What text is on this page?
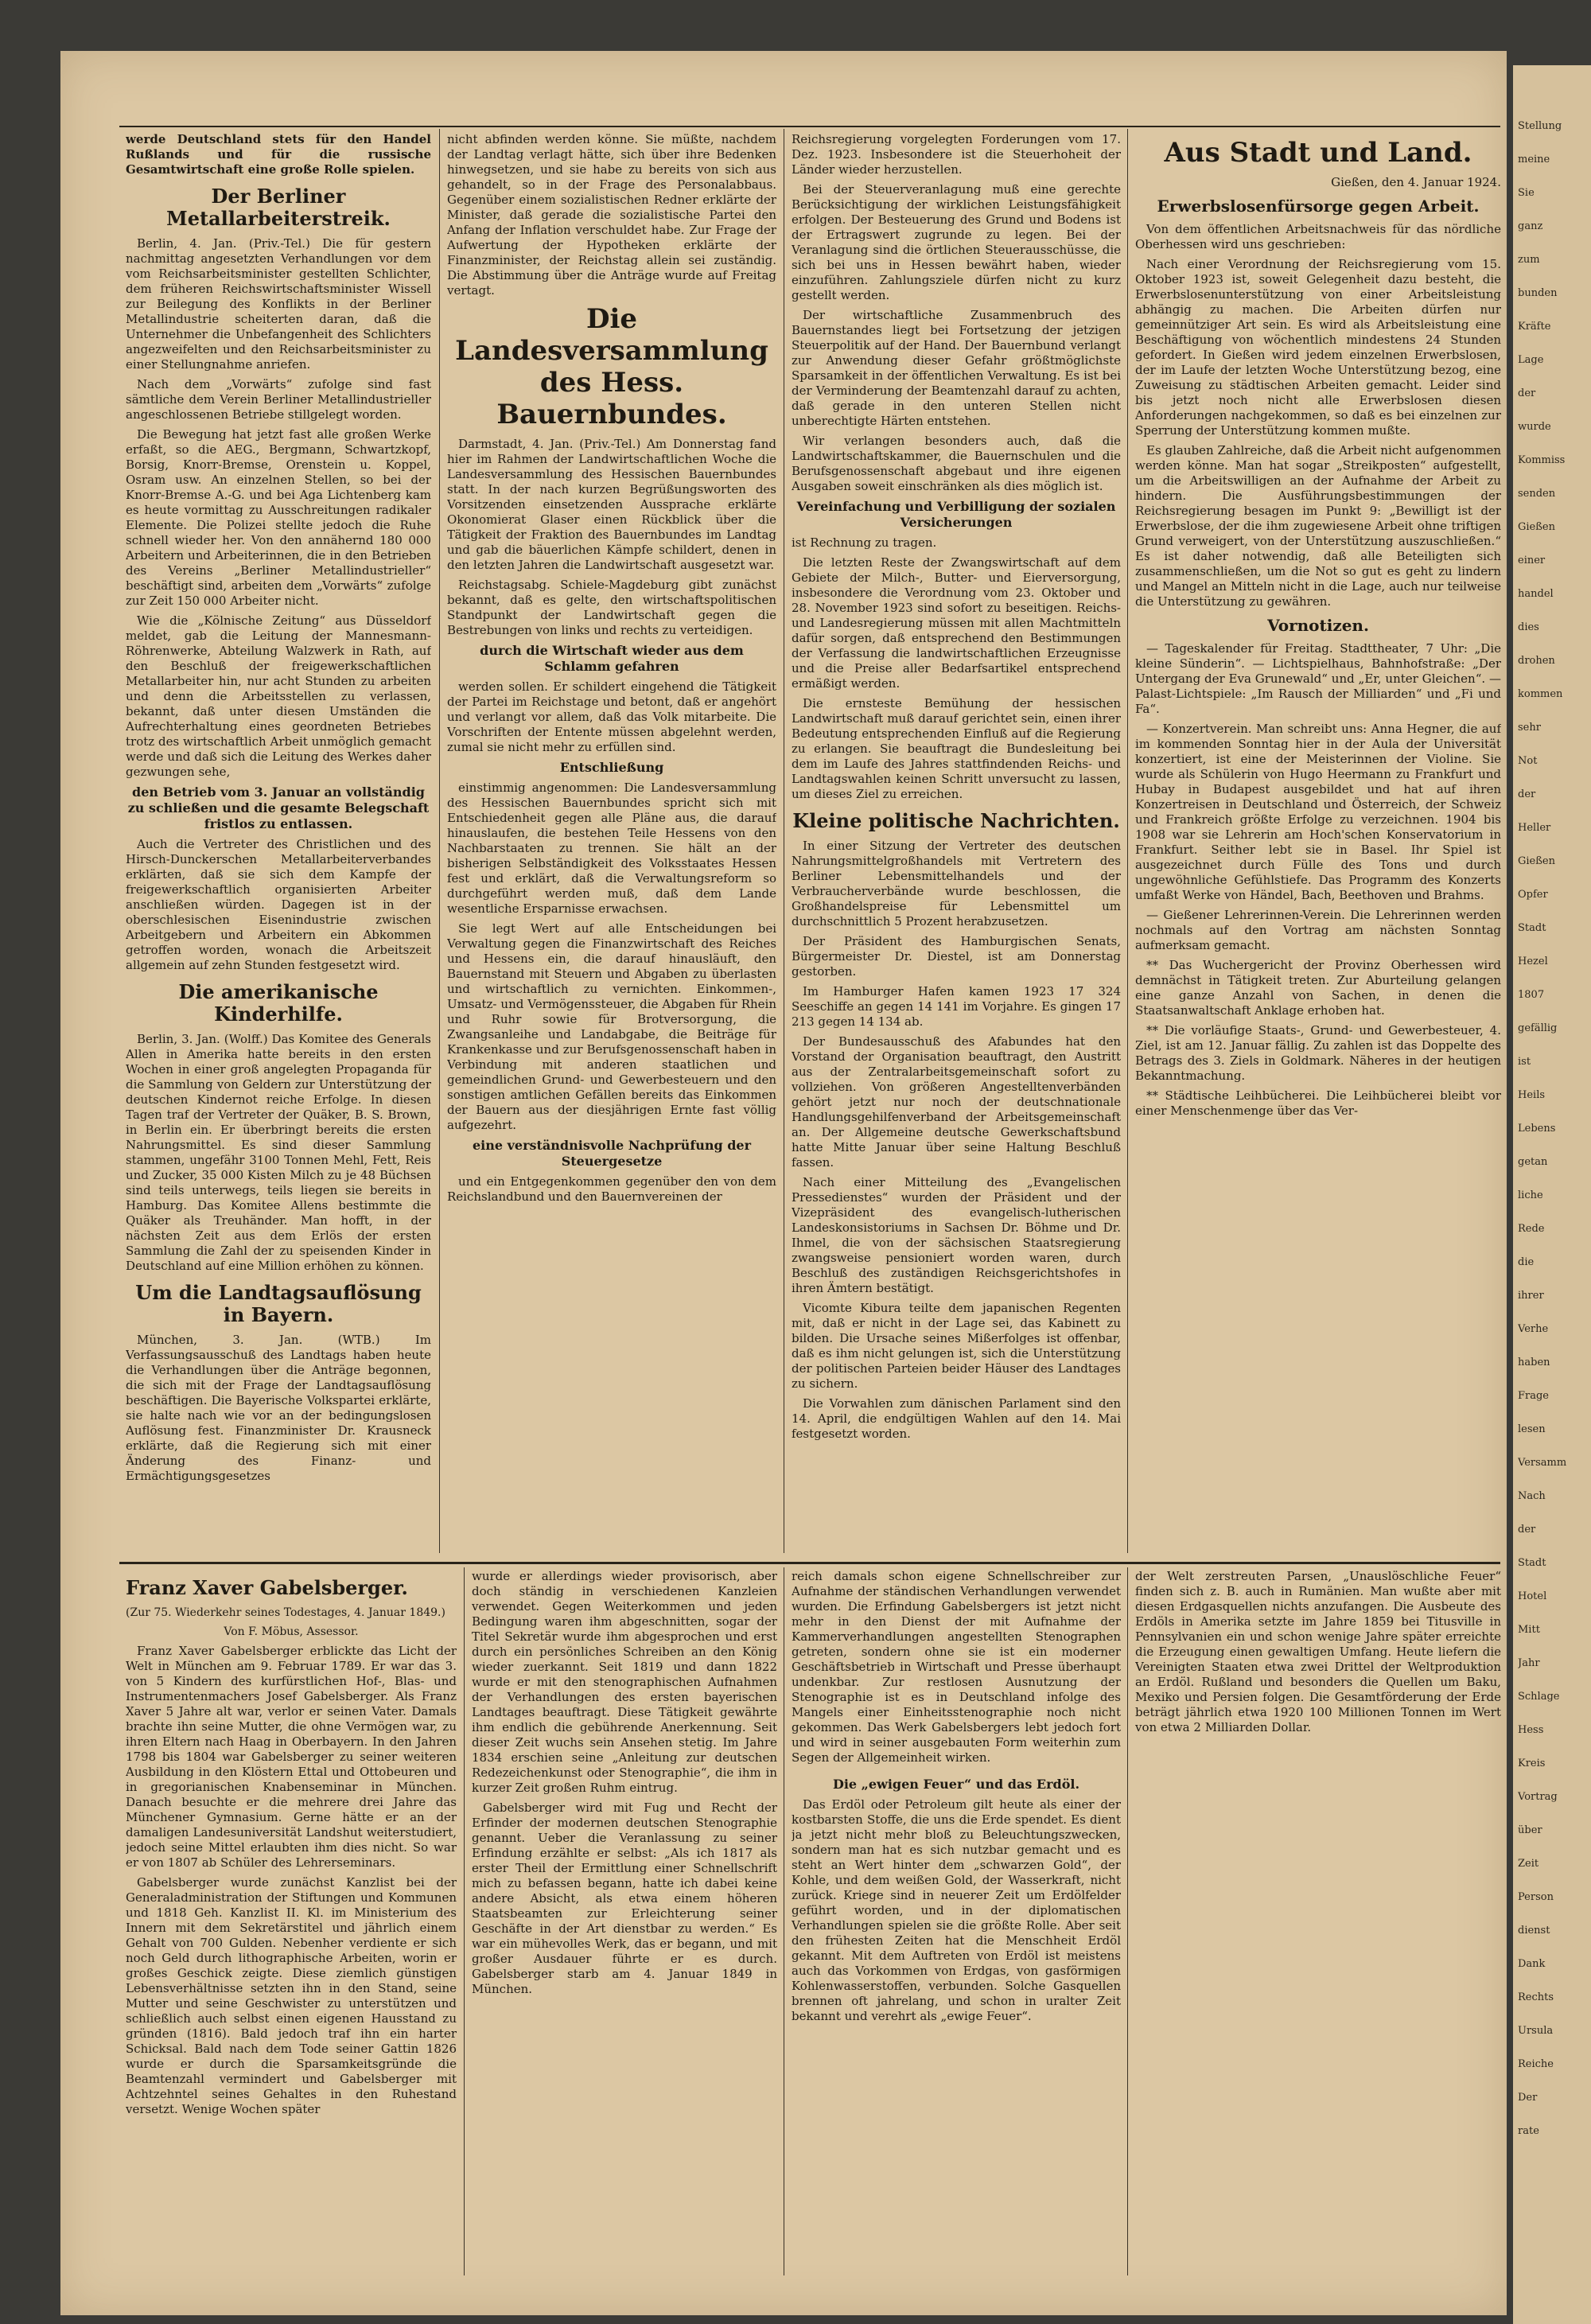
werde Deutschland stets für den Handel Rußlands und für die russische Gesamtwirtschaft eine große Rolle spielen.

Der Berliner Metallarbeiterstreik.

Berlin, 4. Jan. (Priv.-Tel.) Die für gestern nachmittag angesetzten Verhandlungen vor dem vom Reichsarbeitsminister gestellten Schlichter, dem früheren Reichswirtschaftsminister Wissell zur Beilegung des Konflikts in der Berliner Metallindustrie scheiterten daran, daß die Unternehmer die Unbefangenheit des Schlichters angezweifelten und den Reichsarbeitsminister zu einer Stellungnahme anriefen.

Nach dem „Vorwärts“ zufolge sind fast sämtliche dem Verein Berliner Metallindustrieller angeschlossenen Betriebe stillgelegt worden.

Die Bewegung hat jetzt fast alle großen Werke erfaßt, so die AEG., Bergmann, Schwartzkopf, Borsig, Knorr-Bremse, Orenstein u. Koppel, Osram usw. An einzelnen Stellen, so bei der Knorr-Bremse A.-G. und bei Aga Lichtenberg kam es heute vormittag zu Ausschreitungen radikaler Elemente. Die Polizei stellte jedoch die Ruhe schnell wieder her. Von den annähernd 180 000 Arbeitern und Arbeiterinnen, die in den Betrieben des Vereins „Berliner Metallindustrieller“ beschäftigt sind, arbeiten dem „Vorwärts“ zufolge zur Zeit 150 000 Arbeiter nicht.

Wie die „Kölnische Zeitung“ aus Düsseldorf meldet, gab die Leitung der Mannesmann-Röhrenwerke, Abteilung Walzwerk in Rath, auf den Beschluß der freigewerkschaftlichen Metallarbeiter hin, nur acht Stunden zu arbeiten und denn die Arbeitsstellen zu verlassen, bekannt, daß unter diesen Umständen die Aufrechterhaltung eines geordneten Betriebes trotz des wirtschaftlich Arbeit unmöglich gemacht werde und daß sich die Leitung des Werkes daher gezwungen sehe,

den Betrieb vom 3. Januar an vollständig zu schließen und die gesamte Belegschaft fristlos zu entlassen.

Auch die Vertreter des Christlichen und des Hirsch-Dunckerschen Metallarbeiterverbandes erklärten, daß sie sich dem Kampfe der freigewerkschaftlich organisierten Arbeiter anschließen würden. Dagegen ist in der oberschlesischen Eisenindustrie zwischen Arbeitgebern und Arbeitern ein Abkommen getroffen worden, wonach die Arbeitszeit allgemein auf zehn Stunden festgesetzt wird.

Die amerikanische Kinderhilfe.

Berlin, 3. Jan. (Wolff.) Das Komitee des Generals Allen in Amerika hatte bereits in den ersten Wochen in einer groß angelegten Propaganda für die Sammlung von Geldern zur Unterstützung der deutschen Kindernot reiche Erfolge. In diesen Tagen traf der Vertreter der Quäker, B. S. Brown, in Berlin ein. Er überbringt bereits die ersten Nahrungsmittel. Es sind dieser Sammlung stammen, ungefähr 3100 Tonnen Mehl, Fett, Reis und Zucker, 35 000 Kisten Milch zu je 48 Büchsen sind teils unterwegs, teils liegen sie bereits in Hamburg. Das Komitee Allens bestimmte die Quäker als Treuhänder. Man hofft, in der nächsten Zeit aus dem Erlös der ersten Sammlung die Zahl der zu speisenden Kinder in Deutschland auf eine Million erhöhen zu können.

Um die Landtagsauflösung in Bayern.

München, 3. Jan. (WTB.) Im Verfassungsausschuß des Landtags haben heute die Verhandlungen über die Anträge begonnen, die sich mit der Frage der Landtagsauflösung beschäftigen. Die Bayerische Volkspartei erklärte, sie halte nach wie vor an der bedingungslosen Auflösung fest. Finanzminister Dr. Krausneck erklärte, daß die Regierung sich mit einer Änderung des Finanz- und Ermächtigungsgesetzes

nicht abfinden werden könne. Sie müßte, nachdem der Landtag verlagt hätte, sich über ihre Bedenken hinwegsetzen, und sie habe zu bereits von sich aus gehandelt, so in der Frage des Personalabbaus. Gegenüber einem sozialistischen Redner erklärte der Minister, daß gerade die sozialistische Partei den Anfang der Inflation verschuldet habe. Zur Frage der Aufwertung der Hypotheken erklärte der Finanzminister, der Reichstag allein sei zuständig. Die Abstimmung über die Anträge wurde auf Freitag vertagt.

Die Landesversammlung des Hess. Bauernbundes.

Darmstadt, 4. Jan. (Priv.-Tel.) Am Donnerstag fand hier im Rahmen der Landwirtschaftlichen Woche die Landesversammlung des Hessischen Bauernbundes statt. In der nach kurzen Begrüßungsworten des Vorsitzenden einsetzenden Aussprache erklärte Okonomierat Glaser einen Rückblick über die Tätigkeit der Fraktion des Bauernbundes im Landtag und gab die bäuerlichen Kämpfe schildert, denen in den letzten Jahren die Landwirtschaft ausgesetzt war.

Reichstagsabg. Schiele-Magdeburg gibt zunächst bekannt, daß es gelte, den wirtschaftspolitischen Standpunkt der Landwirtschaft gegen die Bestrebungen von links und rechts zu verteidigen.

durch die Wirtschaft wieder aus dem Schlamm gefahren

werden sollen. Er schildert eingehend die Tätigkeit der Partei im Reichstage und betont, daß er angehört und verlangt vor allem, daß das Volk mitarbeite. Die Vorschriften der Entente müssen abgelehnt werden, zumal sie nicht mehr zu erfüllen sind.

Entschließung

einstimmig angenommen: Die Landesversammlung des Hessischen Bauernbundes spricht sich mit Entschiedenheit gegen alle Pläne aus, die darauf hinauslaufen, die bestehen Teile Hessens von den Nachbarstaaten zu trennen. Sie hält an der bisherigen Selbständigkeit des Volksstaates Hessen fest und erklärt, daß die Verwaltungsreform so durchgeführt werden muß, daß dem Lande wesentliche Ersparnisse erwachsen.

Sie legt Wert auf alle Entscheidungen bei Verwaltung gegen die Finanzwirtschaft des Reiches und Hessens ein, die darauf hinausläuft, den Bauernstand mit Steuern und Abgaben zu überlasten und wirtschaftlich zu vernichten. Einkommen-, Umsatz- und Vermögenssteuer, die Abgaben für Rhein und Ruhr sowie für Brotversorgung, die Zwangsanleihe und Landabgabe, die Beiträge für Krankenkasse und zur Berufsgenossenschaft haben in Verbindung mit anderen staatlichen und gemeindlichen Grund- und Gewerbesteuern und den sonstigen amtlichen Gefällen bereits das Einkommen der Bauern aus der diesjährigen Ernte fast völlig aufgezehrt.

eine verständnisvolle Nachprüfung der Steuergesetze

und ein Entgegenkommen gegenüber den von dem Reichslandbund und den Bauernvereinen der

Reichsregierung vorgelegten Forderungen vom 17. Dez. 1923. Insbesondere ist die Steuerhoheit der Länder wieder herzustellen.

Bei der Steuerveranlagung muß eine gerechte Berücksichtigung der wirklichen Leistungsfähigkeit erfolgen. Der Besteuerung des Grund und Bodens ist der Ertragswert zugrunde zu legen. Bei der Veranlagung sind die örtlichen Steuerausschüsse, die sich bei uns in Hessen bewährt haben, wieder einzuführen. Zahlungsziele dürfen nicht zu kurz gestellt werden.

Der wirtschaftliche Zusammenbruch des Bauernstandes liegt bei Fortsetzung der jetzigen Steuerpolitik auf der Hand. Der Bauernbund verlangt zur Anwendung dieser Gefahr größtmöglichste Sparsamkeit in der öffentlichen Verwaltung. Es ist bei der Verminderung der Beamtenzahl darauf zu achten, daß gerade in den unteren Stellen nicht unberechtigte Härten entstehen.

Wir verlangen besonders auch, daß die Landwirtschaftskammer, die Bauernschulen und die Berufsgenossenschaft abgebaut und ihre eigenen Ausgaben soweit einschränken als dies möglich ist.

Vereinfachung und Verbilligung der sozialen Versicherungen

ist Rechnung zu tragen.

Die letzten Reste der Zwangswirtschaft auf dem Gebiete der Milch-, Butter- und Eierversorgung, insbesondere die Verordnung vom 23. Oktober und 28. November 1923 sind sofort zu beseitigen. Reichs- und Landesregierung müssen mit allen Machtmitteln dafür sorgen, daß entsprechend den Bestimmungen der Verfassung die landwirtschaftlichen Erzeugnisse und die Preise aller Bedarfsartikel entsprechend ermäßigt werden.

Die ernsteste Bemühung der hessischen Landwirtschaft muß darauf gerichtet sein, einen ihrer Bedeutung entsprechenden Einfluß auf die Regierung zu erlangen. Sie beauftragt die Bundesleitung bei dem im Laufe des Jahres stattfindenden Reichs- und Landtagswahlen keinen Schritt unversucht zu lassen, um dieses Ziel zu erreichen.

Kleine politische Nachrichten.

In einer Sitzung der Vertreter des deutschen Nahrungsmittelgroßhandels mit Vertretern des Berliner Lebensmittelhandels und der Verbraucherverbände wurde beschlossen, die Großhandelspreise für Lebensmittel um durchschnittlich 5 Prozent herabzusetzen.

Der Präsident des Hamburgischen Senats, Bürgermeister Dr. Diestel, ist am Donnerstag gestorben.

Im Hamburger Hafen kamen 1923 17 324 Seeschiffe an gegen 14 141 im Vorjahre. Es gingen 17 213 gegen 14 134 ab.

Der Bundesausschuß des Afabundes hat den Vorstand der Organisation beauftragt, den Austritt aus der Zentralarbeitsgemeinschaft sofort zu vollziehen. Von größeren Angestelltenverbänden gehört jetzt nur noch der deutschnationale Handlungsgehilfenverband der Arbeitsgemeinschaft an. Der Allgemeine deutsche Gewerkschaftsbund hatte Mitte Januar über seine Haltung Beschluß fassen.

Nach einer Mitteilung des „Evangelischen Pressedienstes“ wurden der Präsident und der Vizepräsident des evangelisch-lutherischen Landeskonsistoriums in Sachsen Dr. Böhme und Dr. Ihmel, die von der sächsischen Staatsregierung zwangsweise pensioniert worden waren, durch Beschluß des zuständigen Reichsgerichtshofes in ihren Ämtern bestätigt.

Vicomte Kibura teilte dem japanischen Regenten mit, daß er nicht in der Lage sei, das Kabinett zu bilden. Die Ursache seines Mißerfolges ist offenbar, daß es ihm nicht gelungen ist, sich die Unterstützung der politischen Parteien beider Häuser des Landtages zu sichern.

Die Vorwahlen zum dänischen Parlament sind den 14. April, die endgültigen Wahlen auf den 14. Mai festgesetzt worden.

Aus Stadt und Land.
Gießen, den 4. Januar 1924.
Erwerbslosenfürsorge gegen Arbeit.

Von dem öffentlichen Arbeitsnachweis für das nördliche Oberhessen wird uns geschrieben:

Nach einer Verordnung der Reichsregierung vom 15. Oktober 1923 ist, soweit Gelegenheit dazu besteht, die Erwerbslosenunterstützung von einer Arbeitsleistung abhängig zu machen. Die Arbeiten dürfen nur gemeinnütziger Art sein. Es wird als Arbeitsleistung eine Beschäftigung von wöchentlich mindestens 24 Stunden gefordert. In Gießen wird jedem einzelnen Erwerbslosen, der im Laufe der letzten Woche Unterstützung bezog, eine Zuweisung zu städtischen Arbeiten gemacht. Leider sind bis jetzt noch nicht alle Erwerbslosen diesen Anforderungen nachgekommen, so daß es bei einzelnen zur Sperrung der Unterstützung kommen mußte.

Es glauben Zahlreiche, daß die Arbeit nicht aufgenommen werden könne. Man hat sogar „Streikposten“ aufgestellt, um die Arbeitswilligen an der Aufnahme der Arbeit zu hindern. Die Ausführungsbestimmungen der Reichsregierung besagen im Punkt 9: „Bewilligt ist der Erwerbslose, der die ihm zugewiesene Arbeit ohne triftigen Grund verweigert, von der Unterstützung auszuschließen.“ Es ist daher notwendig, daß alle Beteiligten sich zusammenschließen, um die Not so gut es geht zu lindern und Mangel an Mitteln nicht in die Lage, auch nur teilweise die Unterstützung zu gewähren.

Vornotizen.

— Tageskalender für Freitag. Stadttheater, 7 Uhr: „Die kleine Sünderin“. — Lichtspielhaus, Bahnhofstraße: „Der Untergang der Eva Grunewald“ und „Er, unter Gleichen“. — Palast-Lichtspiele: „Im Rausch der Milliarden“ und „Fi und Fa“.

— Konzertverein. Man schreibt uns: Anna Hegner, die auf im kommenden Sonntag hier in der Aula der Universität konzertiert, ist eine der Meisterinnen der Violine. Sie wurde als Schülerin von Hugo Heermann zu Frankfurt und Hubay in Budapest ausgebildet und hat auf ihren Konzertreisen in Deutschland und Österreich, der Schweiz und Frankreich größte Erfolge zu verzeichnen. 1904 bis 1908 war sie Lehrerin am Hoch'schen Konservatorium in Frankfurt. Seither lebt sie in Basel. Ihr Spiel ist ausgezeichnet durch Fülle des Tons und durch ungewöhnliche Gefühlstiefe. Das Programm des Konzerts umfaßt Werke von Händel, Bach, Beethoven und Brahms.

— Gießener Lehrerinnen-Verein. Die Lehrerinnen werden nochmals auf den Vortrag am nächsten Sonntag aufmerksam gemacht.

** Das Wuchergericht der Provinz Oberhessen wird demnächst in Tätigkeit treten. Zur Aburteilung gelangen eine ganze Anzahl von Sachen, in denen die Staatsanwaltschaft Anklage erhoben hat.

** Die vorläufige Staats-, Grund- und Gewerbesteuer, 4. Ziel, ist am 12. Januar fällig. Zu zahlen ist das Doppelte des Betrags des 3. Ziels in Goldmark. Näheres in der heutigen Bekanntmachung.

** Städtische Leihbücherei. Die Leihbücherei bleibt vor einer Menschenmenge über das Ver-

Franz Xaver Gabelsberger.
(Zur 75. Wiederkehr seines Todestages, 4. Januar 1849.)
Von F. Möbus, Assessor.

Franz Xaver Gabelsberger erblickte das Licht der Welt in München am 9. Februar 1789. Er war das 3. von 5 Kindern des kurfürstlichen Hof-, Blas- und Instrumentenmachers Josef Gabelsberger. Als Franz Xaver 5 Jahre alt war, verlor er seinen Vater. Damals brachte ihn seine Mutter, die ohne Vermögen war, zu ihren Eltern nach Haag in Oberbayern. In den Jahren 1798 bis 1804 war Gabelsberger zu seiner weiteren Ausbildung in den Klöstern Ettal und Ottobeuren und in gregorianischen Knabenseminar in München. Danach besuchte er die mehrere drei Jahre das Münchener Gymnasium. Gerne hätte er an der damaligen Landesuniversität Landshut weiterstudiert, jedoch seine Mittel erlaubten ihm dies nicht. So war er von 1807 ab Schüler des Lehrerseminars.

Gabelsberger wurde zunächst Kanzlist bei der Generaladministration der Stiftungen und Kommunen und 1818 Geh. Kanzlist II. Kl. im Ministerium des Innern mit dem Sekretärstitel und jährlich einem Gehalt von 700 Gulden. Nebenher verdiente er sich noch Geld durch lithographische Arbeiten, worin er großes Geschick zeigte. Diese ziemlich günstigen Lebensverhältnisse setzten ihn in den Stand, seine Mutter und seine Geschwister zu unterstützen und schließlich auch selbst einen eigenen Hausstand zu gründen (1816). Bald jedoch traf ihn ein harter Schicksal. Bald nach dem Tode seiner Gattin 1826 wurde er durch die Sparsamkeitsgründe die Beamtenzahl vermindert und Gabelsberger mit Achtzehntel seines Gehaltes in den Ruhestand versetzt. Wenige Wochen später

wurde er allerdings wieder provisorisch, aber doch ständig in verschiedenen Kanzleien verwendet. Gegen Weiterkommen und jeden Bedingung waren ihm abgeschnitten, sogar der Titel Sekretär wurde ihm abgesprochen und erst durch ein persönliches Schreiben an den König wieder zuerkannt. Seit 1819 und dann 1822 wurde er mit den stenographischen Aufnahmen der Verhandlungen des ersten bayerischen Landtages beauftragt. Diese Tätigkeit gewährte ihm endlich die gebührende Anerkennung. Seit dieser Zeit wuchs sein Ansehen stetig. Im Jahre 1834 erschien seine „Anleitung zur deutschen Redezeichenkunst oder Stenographie“, die ihm in kurzer Zeit großen Ruhm eintrug.

Gabelsberger wird mit Fug und Recht der Erfinder der modernen deutschen Stenographie genannt. Ueber die Veranlassung zu seiner Erfindung erzählte er selbst: „Als ich 1817 als erster Theil der Ermittlung einer Schnellschrift mich zu befassen begann, hatte ich dabei keine andere Absicht, als etwa einem höheren Staatsbeamten zur Erleichterung seiner Geschäfte in der Art dienstbar zu werden.“ Es war ein mühevolles Werk, das er begann, und mit großer Ausdauer führte er es durch. Gabelsberger starb am 4. Januar 1849 in München.

reich damals schon eigene Schnellschreiber zur Aufnahme der ständischen Verhandlungen verwendet wurden. Die Erfindung Gabelsbergers ist jetzt nicht mehr in den Dienst der mit Aufnahme der Kammerverhandlungen angestellten Stenographen getreten, sondern ohne sie ist ein moderner Geschäftsbetrieb in Wirtschaft und Presse überhaupt undenkbar. Zur restlosen Ausnutzung der Stenographie ist es in Deutschland infolge des Mangels einer Einheitsstenographie noch nicht gekommen. Das Werk Gabelsbergers lebt jedoch fort und wird in seiner ausgebauten Form weiterhin zum Segen der Allgemeinheit wirken.

Die „ewigen Feuer“ und das Erdöl.

Das Erdöl oder Petroleum gilt heute als einer der kostbarsten Stoffe, die uns die Erde spendet. Es dient ja jetzt nicht mehr bloß zu Beleuchtungszwecken, sondern man hat es sich nutzbar gemacht und es steht an Wert hinter dem „schwarzen Gold“, der Kohle, und dem weißen Gold, der Wasserkraft, nicht zurück. Kriege sind in neuerer Zeit um Erdölfelder geführt worden, und in der diplomatischen Verhandlungen spielen sie die größte Rolle. Aber seit den frühesten Zeiten hat die Menschheit Erdöl gekannt. Mit dem Auftreten von Erdöl ist meistens auch das Vorkommen von Erdgas, von gasförmigen Kohlenwasserstoffen, verbunden. Solche Gasquellen brennen oft jahrelang, und schon in uralter Zeit bekannt und verehrt als „ewige Feuer“.

der Welt zerstreuten Parsen, „Unauslöschliche Feuer“ finden sich z. B. auch in Rumänien. Man wußte aber mit diesen Erdgasquellen nichts anzufangen. Die Ausbeute des Erdöls in Amerika setzte im Jahre 1859 bei Titusville in Pennsylvanien ein und schon wenige Jahre später erreichte die Erzeugung einen gewaltigen Umfang. Heute liefern die Vereinigten Staaten etwa zwei Drittel der Weltproduktion an Erdöl. Rußland und besonders die Quellen um Baku, Mexiko und Persien folgen. Die Gesamtförderung der Erde beträgt jährlich etwa 1920 100 Millionen Tonnen im Wert von etwa 2 Milliarden Dollar.

Stellung
meine
Sie
ganz
zum
bunden
Kräfte
Lage
der
wurde
Kommiss
senden
Gießen
einer
handel
dies
drohen
kommen
sehr
Not
der
Heller
Gießen
Opfer
Stadt
Hezel
1807
gefällig
ist
Heils
Lebens
getan
liche
Rede
die
ihrer
Verhe
haben
Frage
lesen
Versamm
Nach
der
Stadt
Hotel
Mitt
Jahr
Schlage
Hess
Kreis
Vortrag
über
Zeit
Person
dienst
Dank
Rechts
Ursula
Reiche
Der
rate
